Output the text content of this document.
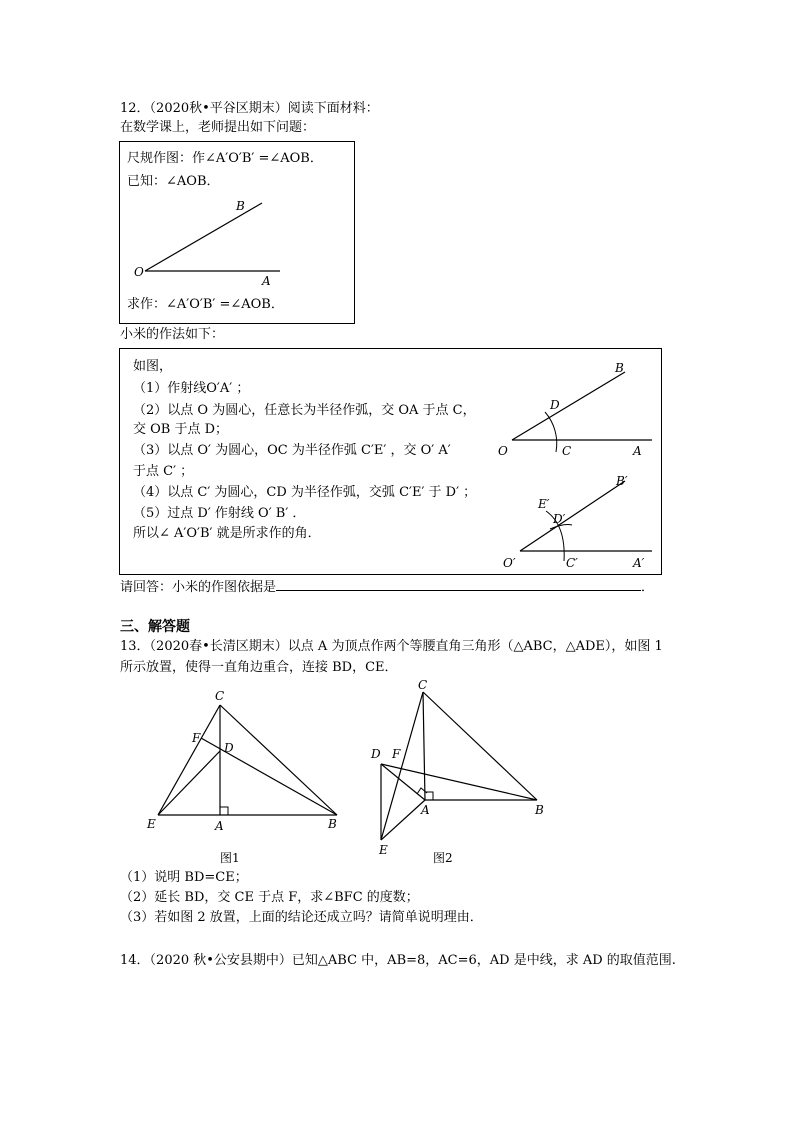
12．（2020秋•平谷区期末）阅读下面材料：
在数学课上，老师提出如下问题：
尺规作图：作∠A′O′B′ =∠AOB．
已知：∠AOB．
B
O
A
求作：∠A′O′B′ =∠AOB．
小米的作法如下：
如图，
（1）作射线O′A′ ；
（2）以点 O 为圆心，任意长为半径作弧，交 OA 于点 C，
交 OB 于点 D；
（3）以点 O′ 为圆心，OC 为半径作弧 C′E′ ，交 O′ A′
于点 C′ ；
（4）以点 C′ 为圆心，CD 为半径作弧，交弧 C′E′ 于 D′ ；
（5）过点 D′ 作射线 O′ B′ ．
所以∠ A′O′B′ 就是所求作的角．
B
D
O	C	A
B′
E′
D′
O′	C′	A′
请回答：小米的作图依据是	．
三、解答题
13．（2020春•长清区期末）以点 A 为顶点作两个等腰直角三角形（△ABC，△ADE），如图 1
所示放置，使得一直角边重合，连接 BD，CE．
C
F
D
E	A	B
图1
C
D F
A	B
E
图2
（1）说明 BD=CE；
（2）延长 BD，交 CE 于点 F，求∠BFC 的度数；
（3）若如图 2 放置，上面的结论还成立吗？请简单说明理由．
14．（2020 秋•公安县期中）已知△ABC 中，AB=8，AC=6，AD 是中线，求 AD 的取值范围.
